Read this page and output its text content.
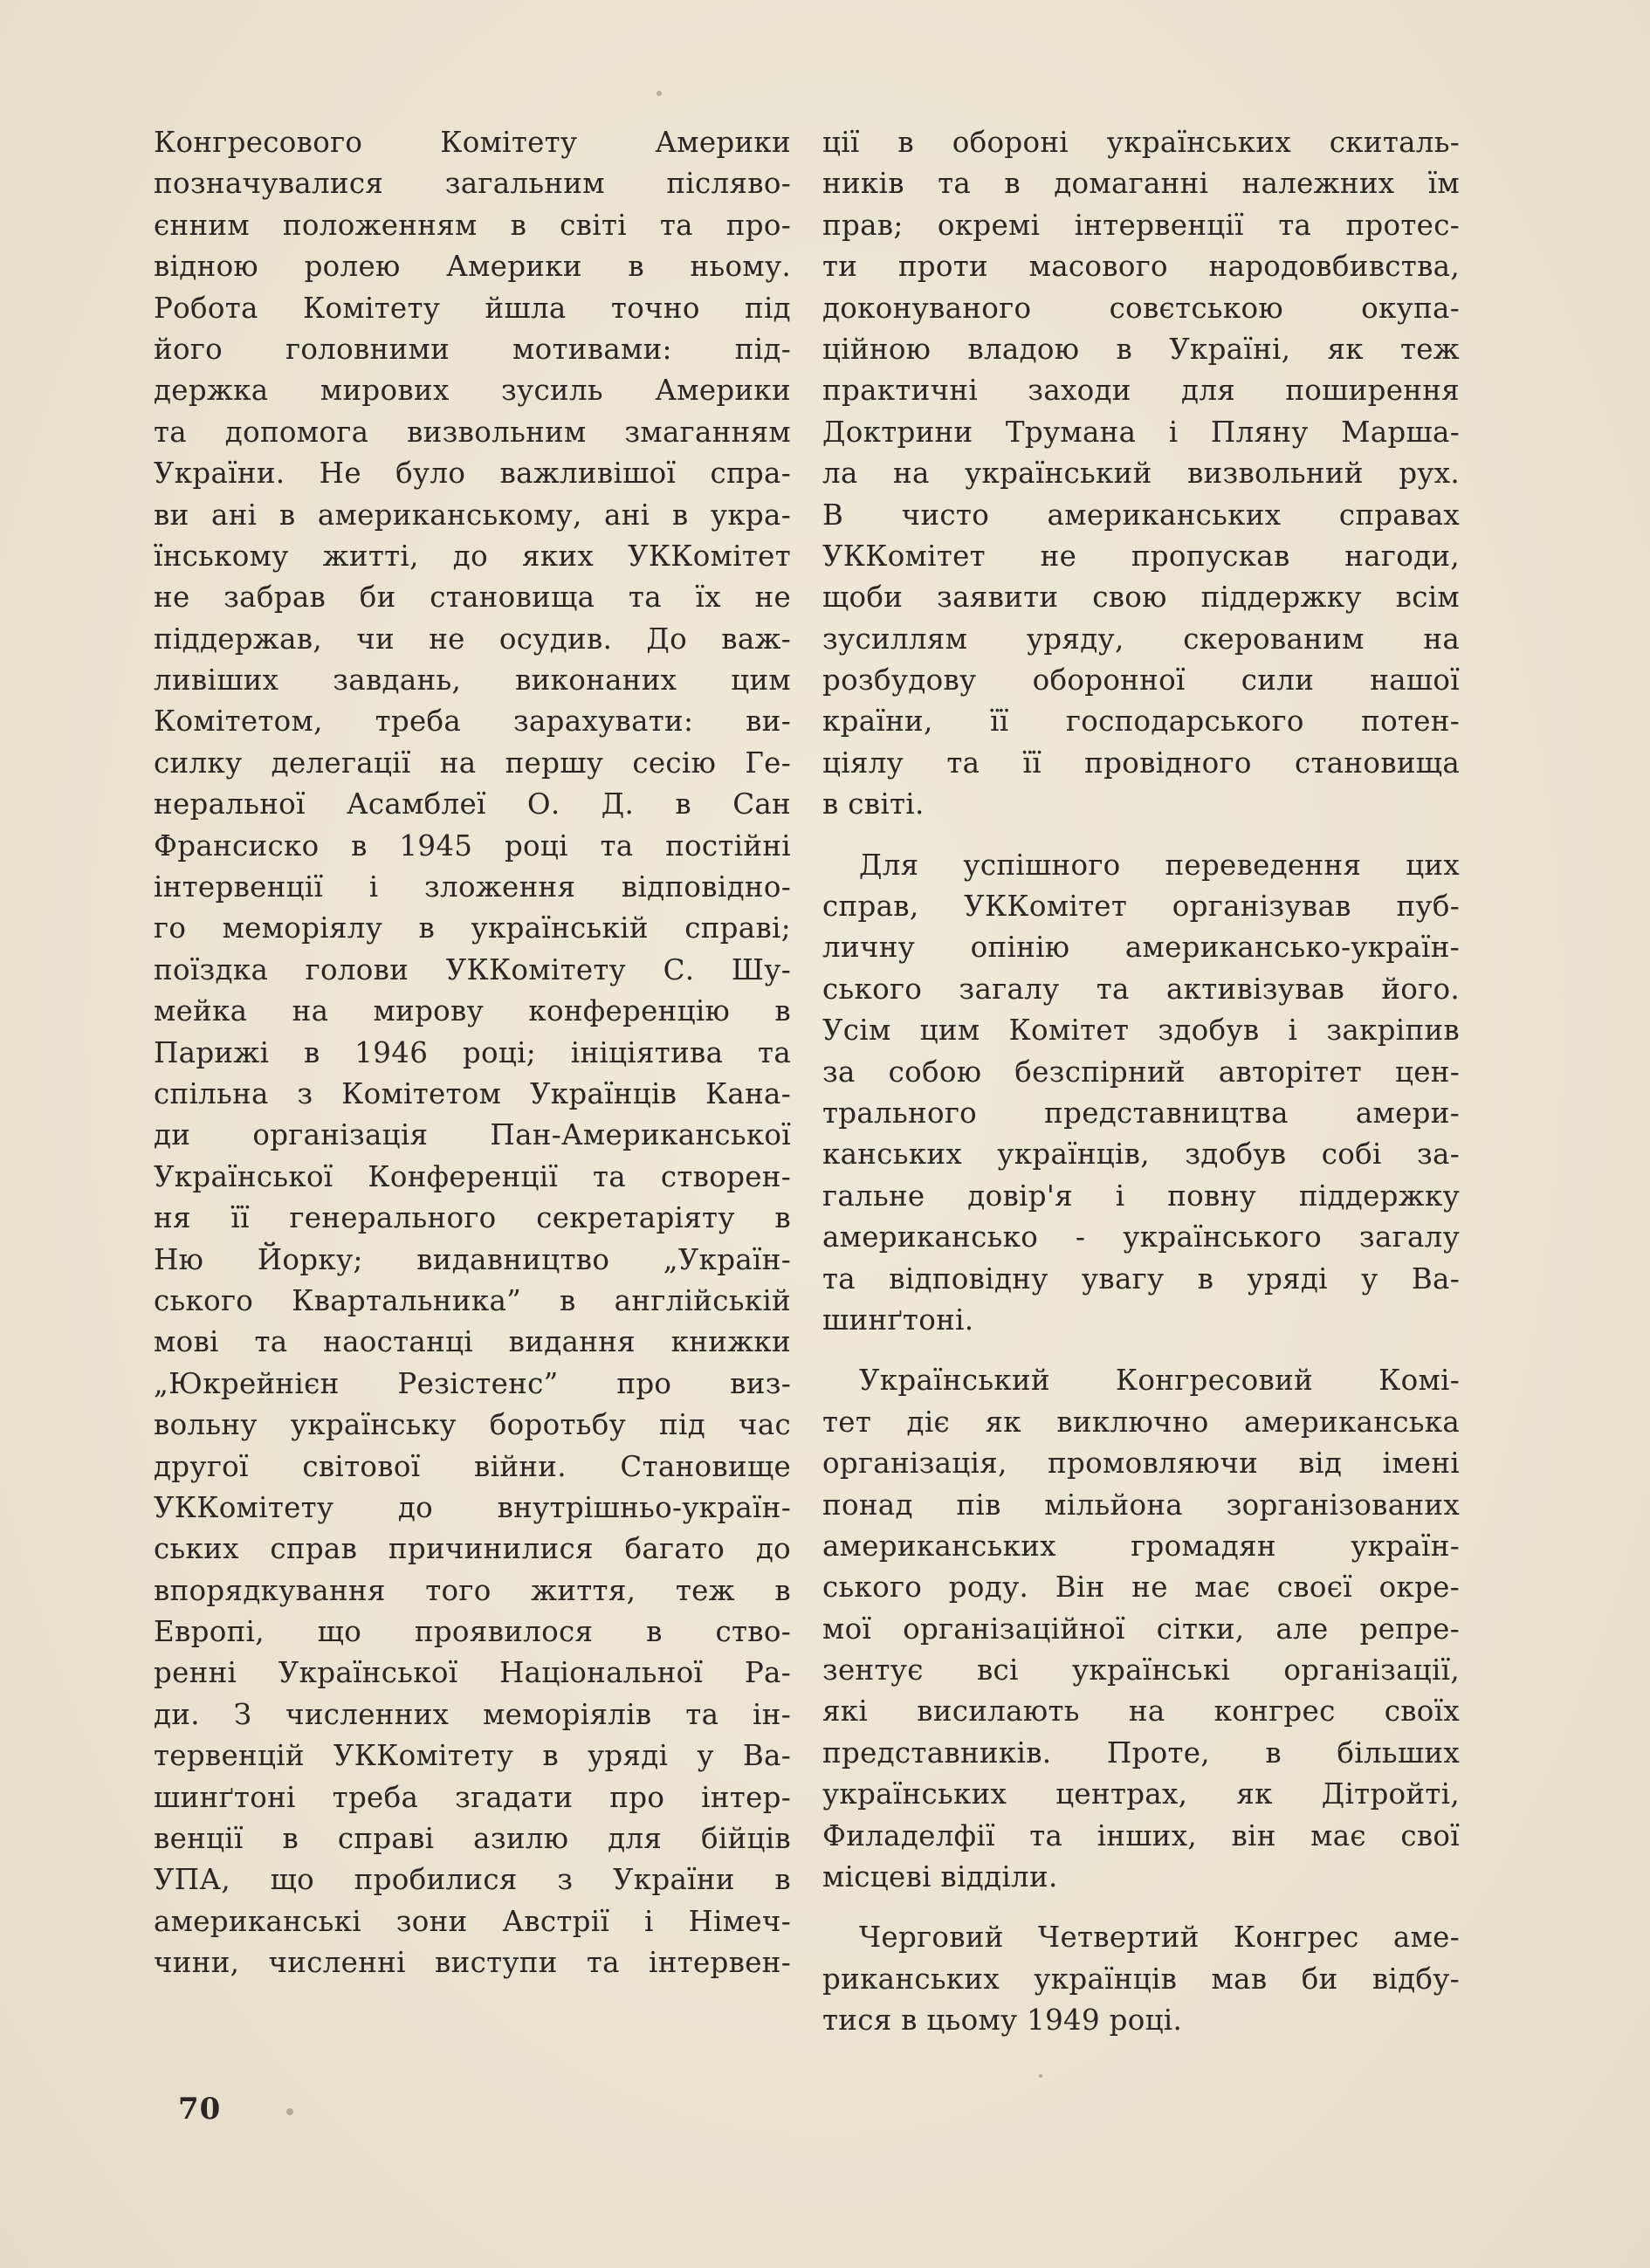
Конгресового Комітету Америки
позначувалися загальним післяво-
єнним положенням в світі та про-
відною ролею Америки в ньому.
Робота Комітету йшла точно під
його головними мотивами: під-
держка мирових зусиль Америки
та допомога визвольним змаганням
України. Не було важливішої спра-
ви ані в американському, ані в укра-
їнському житті, до яких УККомітет
не забрав би становища та їх не
піддержав, чи не осудив. До важ-
ливіших завдань, виконаних цим
Комітетом, треба зарахувати: ви-
силку делегації на першу сесію Ге-
неральної Асамблеї О. Д. в Сан
Франсиско в 1945 році та постійні
інтервенції і зложення відповідно-
го меморіялу в українській справі;
поїздка голови УККомітету С. Шу-
мейка на мирову конференцію в
Парижі в 1946 році; ініціятива та
спільна з Комітетом Українців Кана-
ди організація Пан-Американської
Української Конференції та створен-
ня її генерального секретаріяту в
Ню Йорку; видавництво „Україн-
ського Квартальника” в англійській
мові та наостанці видання книжки
„Юкрейнієн Резістенс” про виз-
вольну українську боротьбу під час
другої світової війни. Становище
УККомітету до внутрішньо-україн-
ських справ причинилися багато до
впорядкування того життя, теж в
Европі, що проявилося в ство-
ренні Української Національної Ра-
ди. З численних меморіялів та ін-
тервенцій УККомітету в уряді у Ва-
шинґтоні треба згадати про інтер-
венції в справі азилю для бійців
УПА, що пробилися з України в
американські зони Австрії і Німеч-
чини, численні виступи та інтервен-
ції в обороні українських скиталь-
ників та в домаганні належних їм
прав; окремі інтервенції та протес-
ти проти масового народовбивства,
доконуваного совєтською окупа-
ційною владою в Україні, як теж
практичні заходи для поширення
Доктрини Трумана і Пляну Марша-
ла на український визвольний рух.
В чисто американських справах
УККомітет не пропускав нагоди,
щоби заявити свою піддержку всім
зусиллям уряду, скерованим на
розбудову оборонної сили нашої
країни, її господарського потен-
ціялу та її провідного становища
в світі.
Для успішного переведення цих
справ, УККомітет організував пуб-
личну опінію американсько-україн-
ського загалу та активізував його.
Усім цим Комітет здобув і закріпив
за собою безспірний авторітет цен-
трального представництва амери-
канських українців, здобув собі за-
гальне довір'я і повну піддержку
американсько - українського загалу
та відповідну увагу в уряді у Ва-
шинґтоні.
Український Конгресовий Комі-
тет діє як виключно американська
організація, промовляючи від імені
понад пів мільйона зорганізованих
американських громадян україн-
ського роду. Він не має своєї окре-
мої організаційної сітки, але репре-
зентує всі українські організації,
які висилають на конгрес своїх
представників. Проте, в більших
українських центрах, як Дітройті,
Филаделфії та інших, він має свої
місцеві відділи.
Черговий Четвертий Конгрес аме-
риканських українців мав би відбу-
тися в цьому 1949 році.
70
